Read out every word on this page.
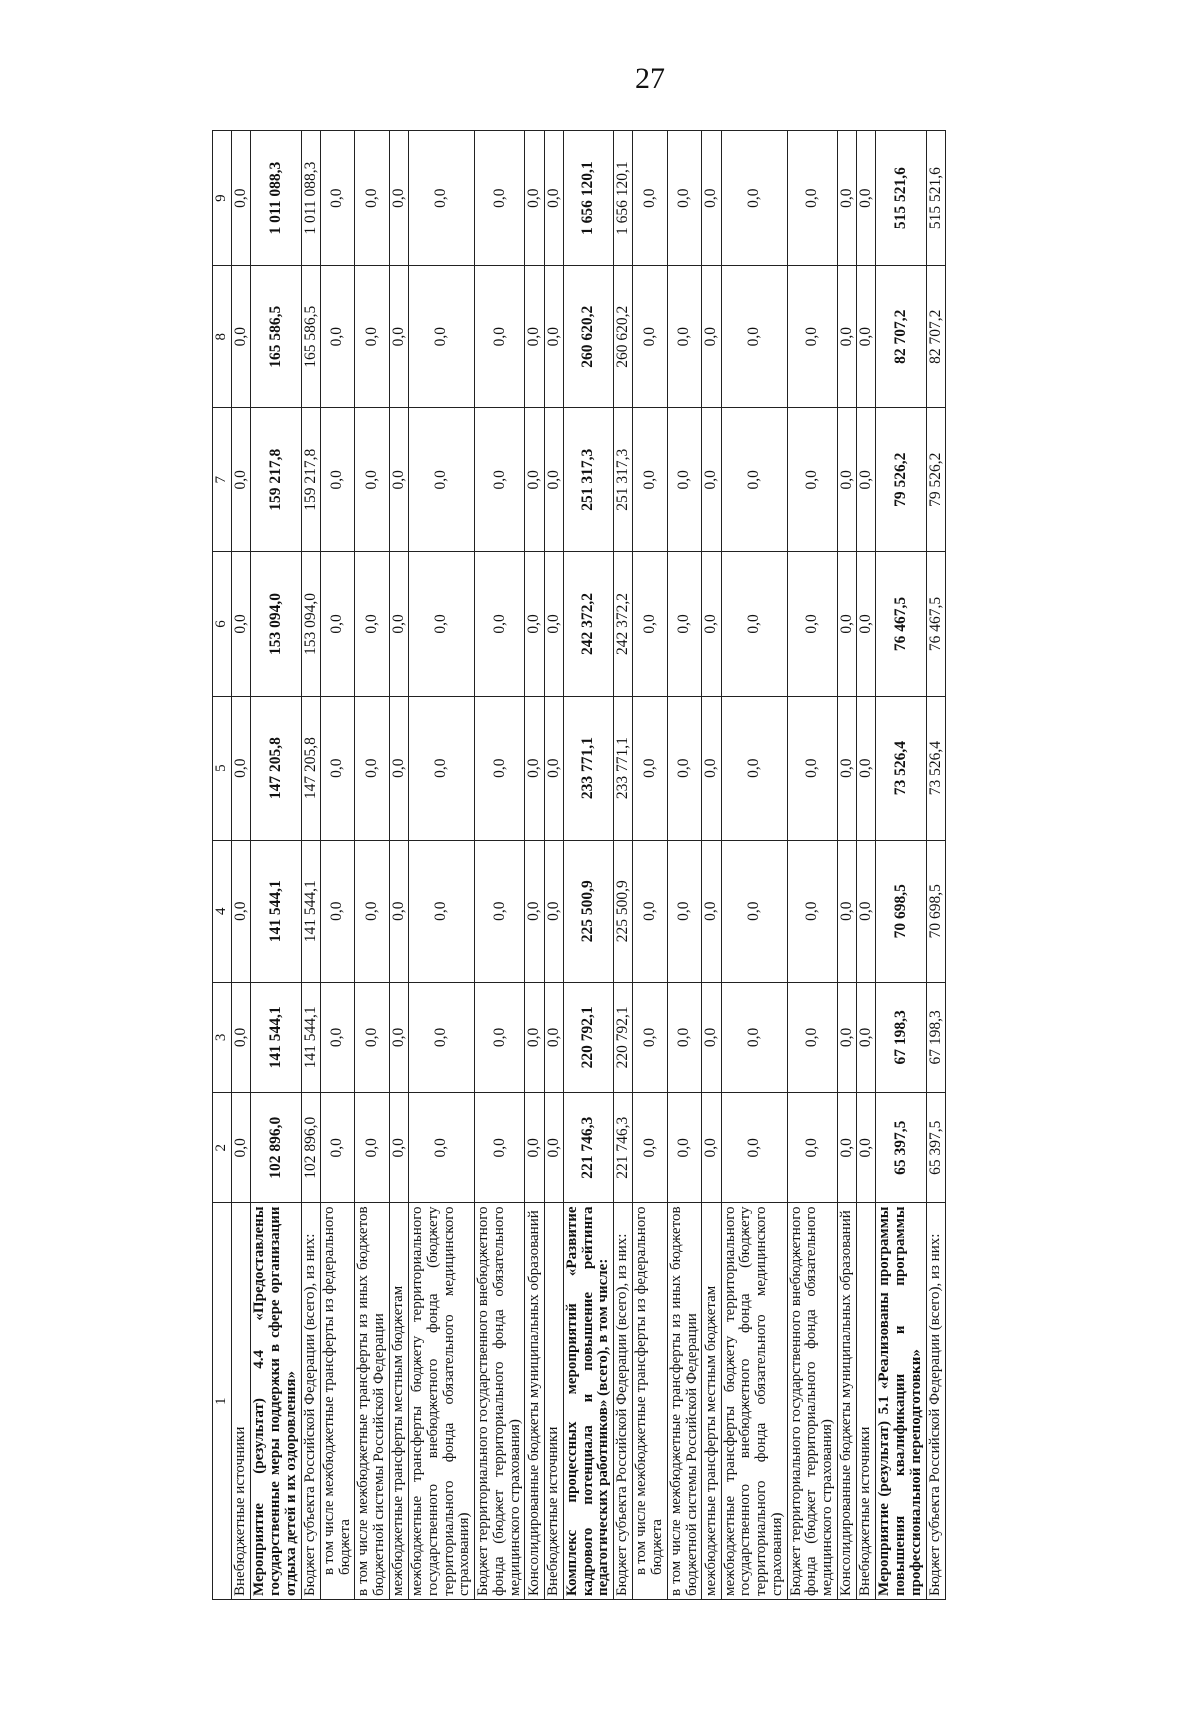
27
1	2	3	4	5	6	7	8	9
Внебюджетные источники	0,0	0,0	0,0	0,0	0,0	0,0	0,0	0,0
Мероприятие (результат) 4.4 «Предоставлены государственные меры поддержки в сфере организации отдыха детей и их оздоровления»	102 896,0	141 544,1	141 544,1	147 205,8	153 094,0	159 217,8	165 586,5	1 011 088,3
Бюджет субъекта Российской Федерации (всего), из них:	102 896,0	141 544,1	141 544,1	147 205,8	153 094,0	159 217,8	165 586,5	1 011 088,3
в том числе межбюджетные трансферты из федерального бюджета	0,0	0,0	0,0	0,0	0,0	0,0	0,0	0,0
в том числе межбюджетные трансферты из иных бюджетов бюджетной системы Российской Федерации	0,0	0,0	0,0	0,0	0,0	0,0	0,0	0,0
межбюджетные трансферты местным бюджетам	0,0	0,0	0,0	0,0	0,0	0,0	0,0	0,0
межбюджетные трансферты бюджету территориального государственного внебюджетного фонда (бюджету территориального фонда обязательного медицинского страхования)	0,0	0,0	0,0	0,0	0,0	0,0	0,0	0,0
Бюджет территориального государственного внебюджетного фонда (бюджет территориального фонда обязательного медицинского страхования)	0,0	0,0	0,0	0,0	0,0	0,0	0,0	0,0
Консолидированные бюджеты муниципальных образований	0,0	0,0	0,0	0,0	0,0	0,0	0,0	0,0
Внебюджетные источники	0,0	0,0	0,0	0,0	0,0	0,0	0,0	0,0
Комплекс процессных мероприятий «Развитие кадрового потенциала и повышение рейтинга педагогических работников» (всего), в том числе:	221 746,3	220 792,1	225 500,9	233 771,1	242 372,2	251 317,3	260 620,2	1 656 120,1
Бюджет субъекта Российской Федерации (всего), из них:	221 746,3	220 792,1	225 500,9	233 771,1	242 372,2	251 317,3	260 620,2	1 656 120,1
в том числе межбюджетные трансферты из федерального бюджета	0,0	0,0	0,0	0,0	0,0	0,0	0,0	0,0
в том числе межбюджетные трансферты из иных бюджетов бюджетной системы Российской Федерации	0,0	0,0	0,0	0,0	0,0	0,0	0,0	0,0
межбюджетные трансферты местным бюджетам	0,0	0,0	0,0	0,0	0,0	0,0	0,0	0,0
межбюджетные трансферты бюджету территориального государственного внебюджетного фонда (бюджету территориального фонда обязательного медицинского страхования)	0,0	0,0	0,0	0,0	0,0	0,0	0,0	0,0
Бюджет территориального государственного внебюджетного фонда (бюджет территориального фонда обязательного медицинского страхования)	0,0	0,0	0,0	0,0	0,0	0,0	0,0	0,0
Консолидированные бюджеты муниципальных образований	0,0	0,0	0,0	0,0	0,0	0,0	0,0	0,0
Внебюджетные источники	0,0	0,0	0,0	0,0	0,0	0,0	0,0	0,0
Мероприятие (результат) 5.1 «Реализованы программы повышения квалификации и программы профессиональной переподготовки»	65 397,5	67 198,3	70 698,5	73 526,4	76 467,5	79 526,2	82 707,2	515 521,6
Бюджет субъекта Российской Федерации (всего), из них:	65 397,5	67 198,3	70 698,5	73 526,4	76 467,5	79 526,2	82 707,2	515 521,6
